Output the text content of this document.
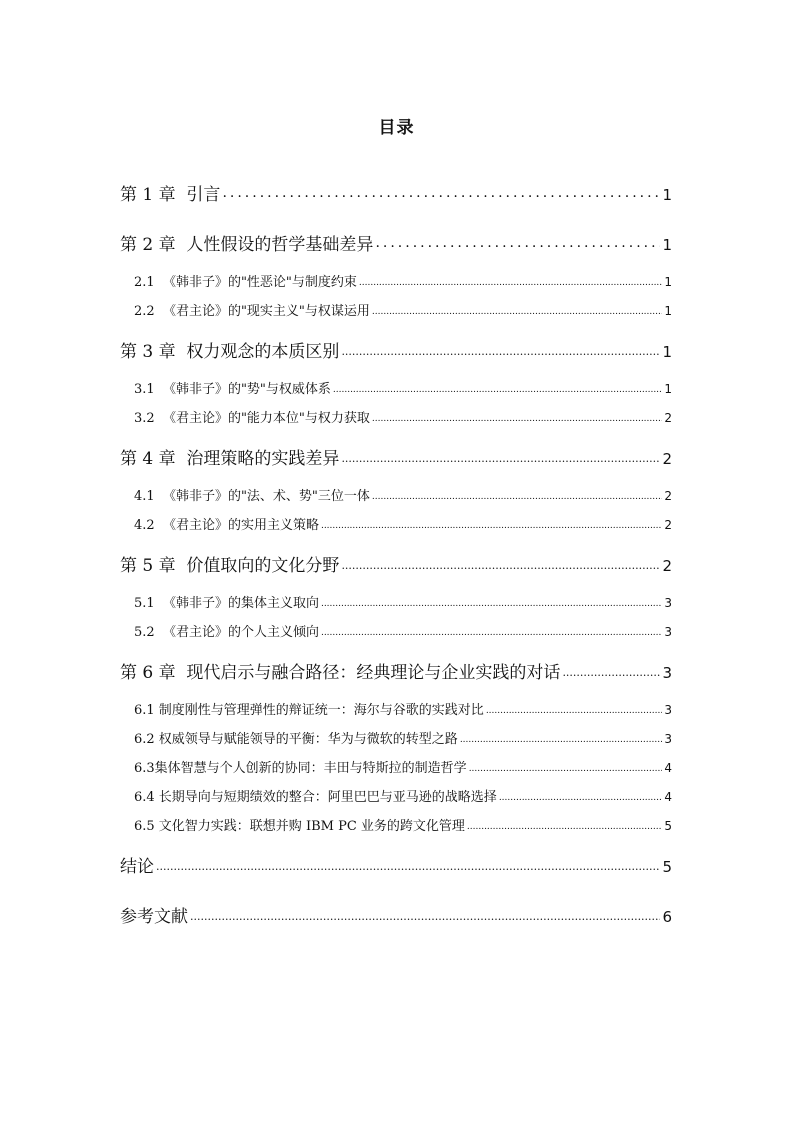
目录
第 1 章  引言 .....	1
第 2 章  人性假设的哲学基础差异 .....	1
2.1  《韩非子》的"性恶论"与制度约束 .....	1
2.2  《君主论》的"现实主义"与权谋运用 .....	1
第 3 章  权力观念的本质区别 .....	1
3.1  《韩非子》的"势"与权威体系 .....	1
3.2  《君主论》的"能力本位"与权力获取 .....	2
第 4 章  治理策略的实践差异 .....	2
4.1  《韩非子》的"法、术、势"三位一体 .....	2
4.2  《君主论》的实用主义策略 .....	2
第 5 章  价值取向的文化分野 .....	2
5.1  《韩非子》的集体主义取向 .....	3
5.2  《君主论》的个人主义倾向 .....	3
第 6 章  现代启示与融合路径：经典理论与企业实践的对话 .....	3
6.1 制度刚性与管理弹性的辩证统一：海尔与谷歌的实践对比 .....	3
6.2 权威领导与赋能领导的平衡：华为与微软的转型之路 .....	3
6.3集体智慧与个人创新的协同：丰田与特斯拉的制造哲学 .....	4
6.4 长期导向与短期绩效的整合：阿里巴巴与亚马逊的战略选择 .....	4
6.5 文化智力实践：联想并购 IBM PC 业务的跨文化管理 .....	5
结论 .....	5
参考文献 .....	6
